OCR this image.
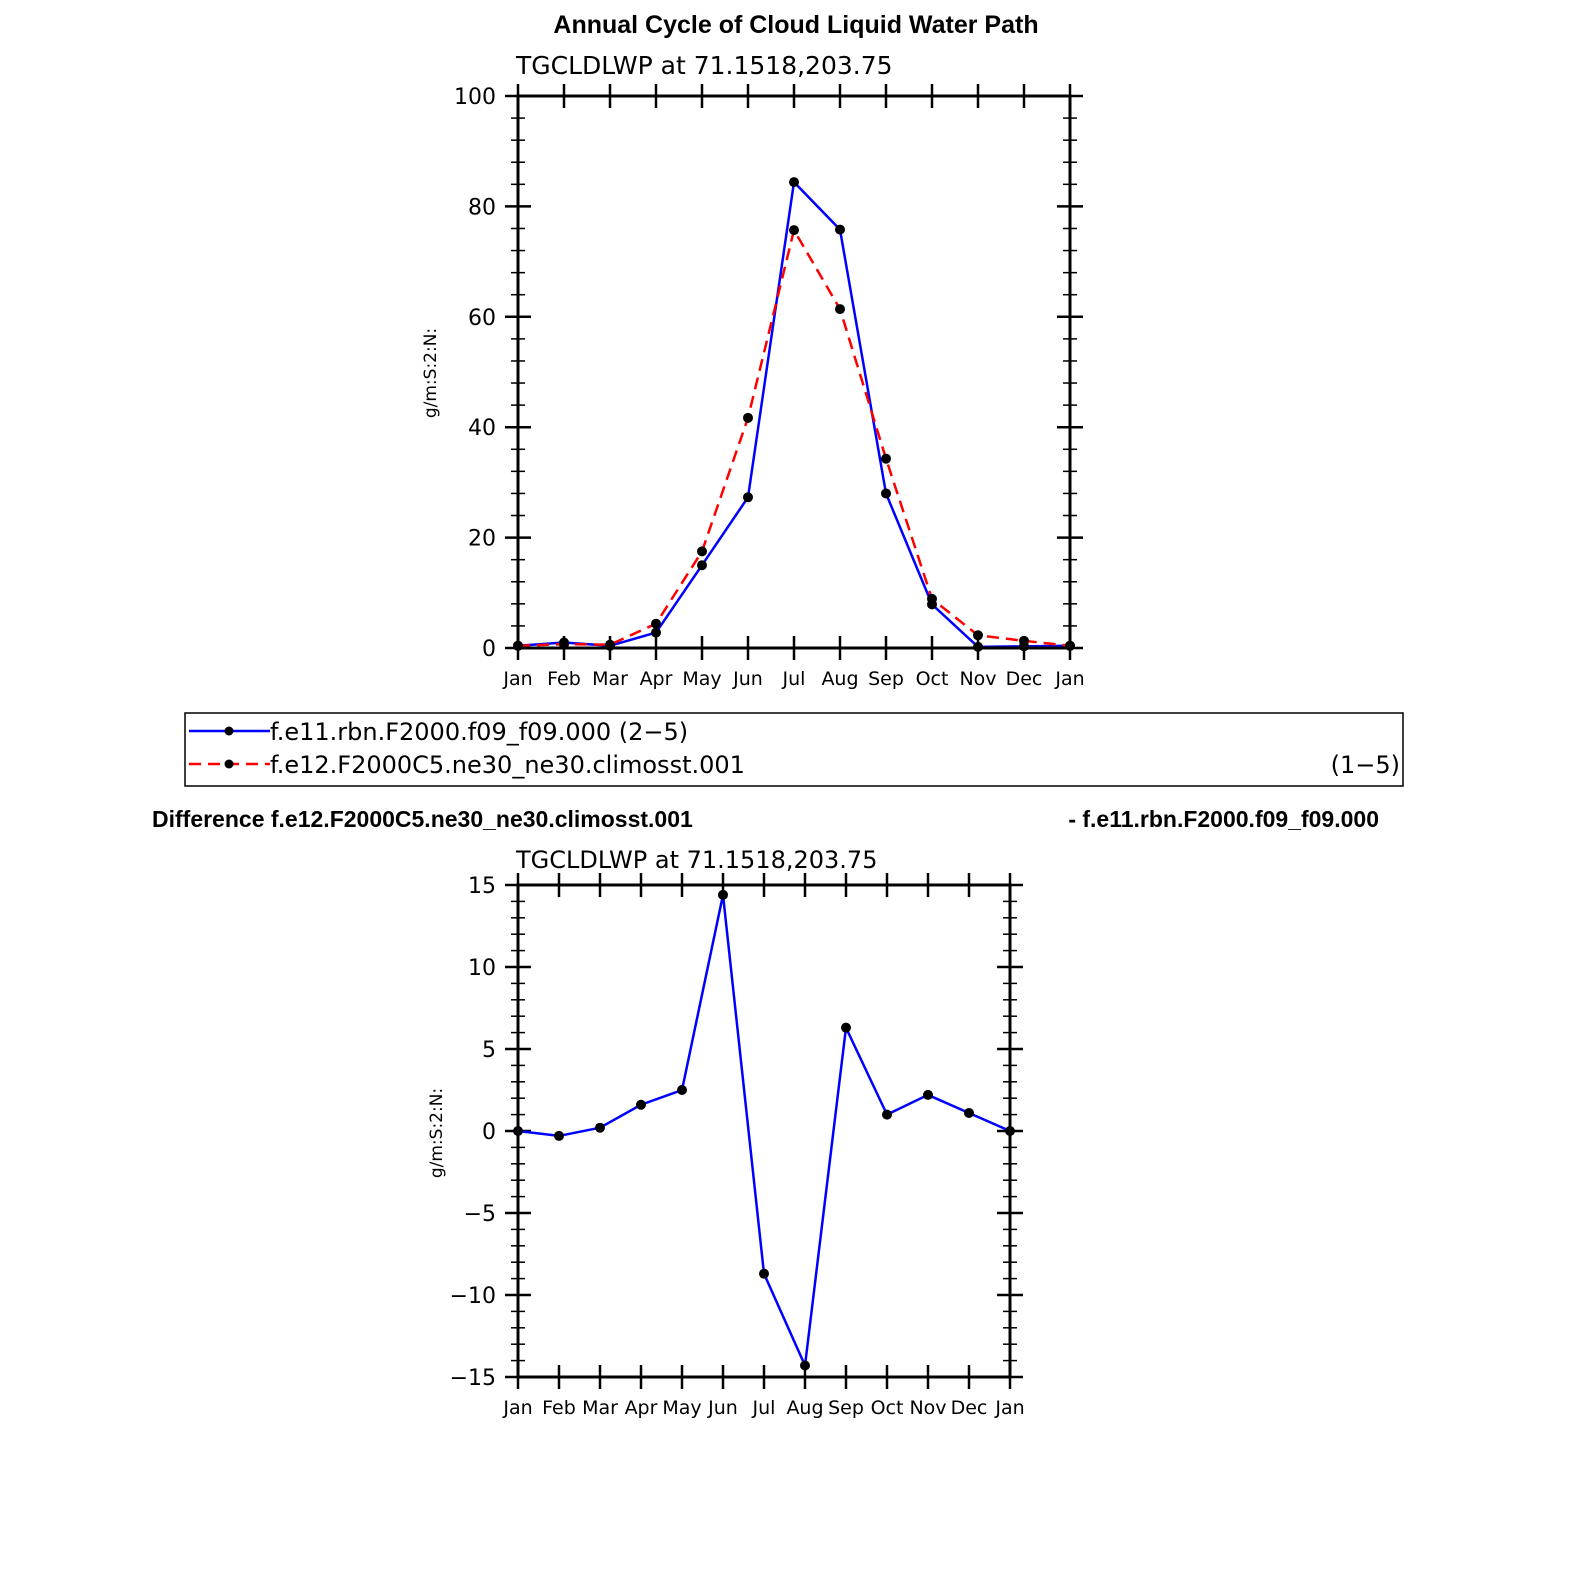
Annual Cycle of Cloud Liquid Water Path
TGCLDLWP at 71.1518,203.75
g/m:S:2:N:
Jan Feb Mar Apr May Jun Jul Aug Sep Oct Nov Dec Jan
0
20
40
60
80
100
f.e11.rbn.F2000.f09_f09.000 (2−5)
f.e12.F2000C5.ne30_ne30.climosst.001	(1−5)
Difference f.e12.F2000C5.ne30_ne30.climosst.001	- f.e11.rbn.F2000.f09_f09.000
TGCLDLWP at 71.1518,203.75
g/m:S:2:N:
Jan Feb Mar Apr May Jun Jul Aug Sep Oct Nov Dec Jan
−15
−10
−5
0
5
10
15
